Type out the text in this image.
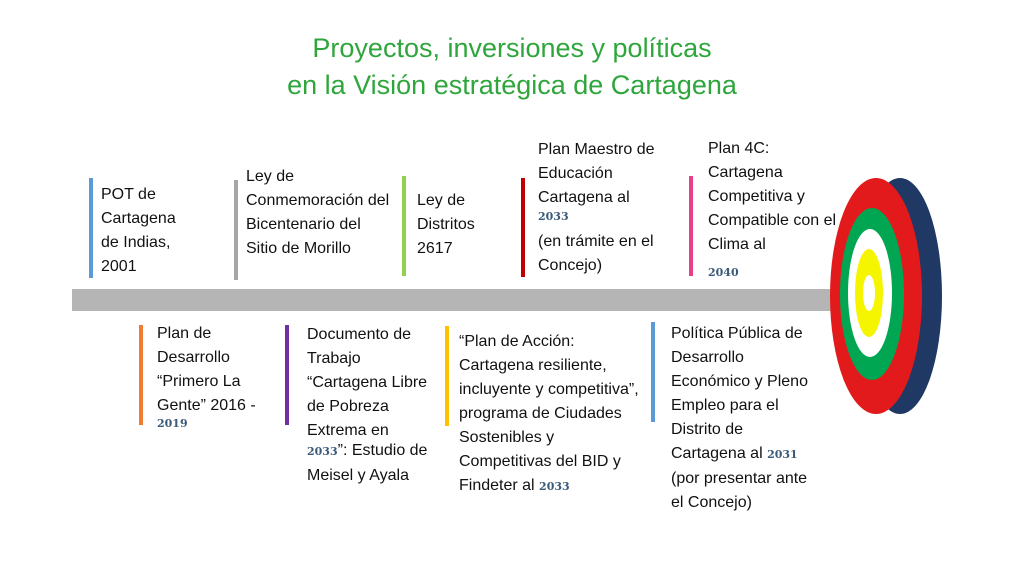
Proyectos, inversiones y políticas
en la Visión estratégica de Cartagena
POT de Cartagena de Indias, 2001
Ley de Conmemoración del Bicentenario del Sitio de Morillo
Ley de Distritos 2617
Plan Maestro de Educación Cartagena al
2033
(en trámite en el Concejo)
Plan 4C: Cartagena Competitiva y Compatible con el Clima al
2040
Plan de Desarrollo “Primero La Gente” 2016 -
2019
Documento de Trabajo “Cartagena Libre de Pobreza Extrema en
2033”: Estudio de Meisel y Ayala
“Plan de Acción: Cartagena resiliente, incluyente y competitiva”, programa de Ciudades Sostenibles y Competitivas del BID y Findeter al 2033
Política Pública de Desarrollo Económico y Pleno Empleo para el Distrito de Cartagena al 2031 (por presentar ante el Concejo)
